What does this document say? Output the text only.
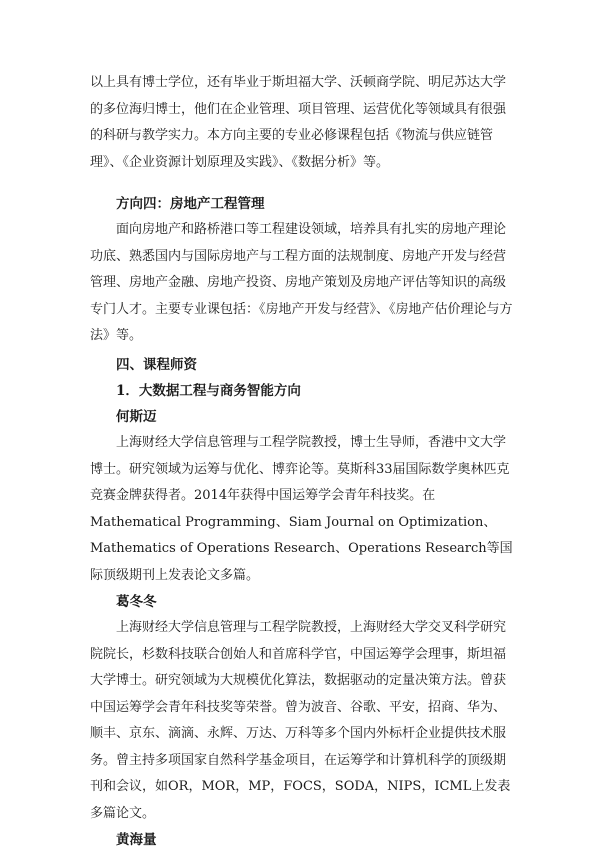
以上具有博士学位，还有毕业于斯坦福大学、沃顿商学院、明尼苏达大学的多位海归博士，他们在企业管理、项目管理、运营优化等领域具有很强的科研与教学实力。本方向主要的专业必修课程包括《物流与供应链管理》、《企业资源计划原理及实践》、《数据分析》等。

方向四：房地产工程管理

面向房地产和路桥港口等工程建设领域，培养具有扎实的房地产理论功底、熟悉国内与国际房地产与工程方面的法规制度、房地产开发与经营管理、房地产金融、房地产投资、房地产策划及房地产评估等知识的高级专门人才。主要专业课包括：《房地产开发与经营》、《房地产估价理论与方法》等。

四、课程师资

1．大数据工程与商务智能方向

何斯迈

上海财经大学信息管理与工程学院教授，博士生导师，香港中文大学博士。研究领域为运筹与优化、博弈论等。莫斯科33届国际数学奥林匹克竞赛金牌获得者。2014年获得中国运筹学会青年科技奖。在Mathematical Programming、Siam Journal on Optimization、Mathematics of Operations Research、Operations Research等国际顶级期刊上发表论文多篇。

葛冬冬

上海财经大学信息管理与工程学院教授，上海财经大学交叉科学研究院院长，杉数科技联合创始人和首席科学官，中国运筹学会理事，斯坦福大学博士。研究领域为大规模优化算法，数据驱动的定量决策方法。曾获中国运筹学会青年科技奖等荣誉。曾为波音、谷歌、平安，招商、华为、顺丰、京东、滴滴、永辉、万达、万科等多个国内外标杆企业提供技术服务。曾主持多项国家自然科学基金项目，在运筹学和计算机科学的顶级期刊和会议，如OR，MOR，MP，FOCS，SODA，NIPS，ICML上发表多篇论文。

黄海量
